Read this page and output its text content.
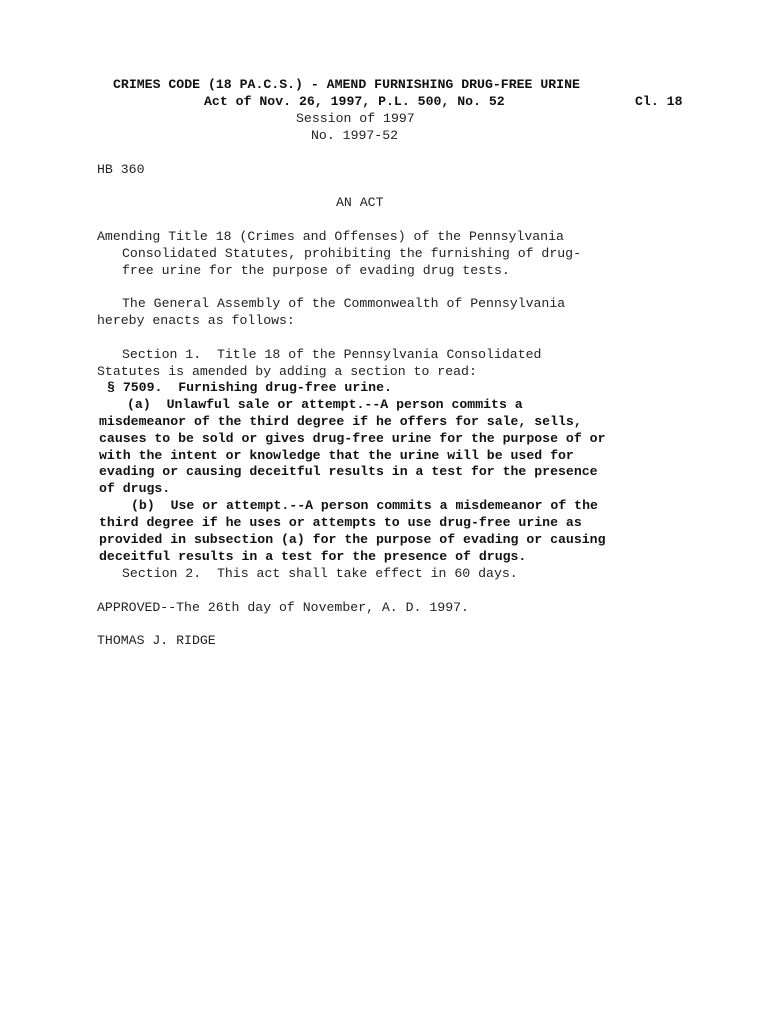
CRIMES CODE (18 PA.C.S.) - AMEND FURNISHING DRUG-FREE URINE
Act of Nov. 26, 1997, P.L. 500, No. 52	Cl. 18
Session of 1997
No. 1997-52
HB 360
AN ACT
Amending Title 18 (Crimes and Offenses) of the Pennsylvania
Consolidated Statutes, prohibiting the furnishing of drug-
free urine for the purpose of evading drug tests.
The General Assembly of the Commonwealth of Pennsylvania
hereby enacts as follows:
Section 1.  Title 18 of the Pennsylvania Consolidated
Statutes is amended by adding a section to read:
§ 7509.  Furnishing drug-free urine.
(a)  Unlawful sale or attempt.--A person commits a
misdemeanor of the third degree if he offers for sale, sells,
causes to be sold or gives drug-free urine for the purpose of or
with the intent or knowledge that the urine will be used for
evading or causing deceitful results in a test for the presence
of drugs.
(b)  Use or attempt.--A person commits a misdemeanor of the
third degree if he uses or attempts to use drug-free urine as
provided in subsection (a) for the purpose of evading or causing
deceitful results in a test for the presence of drugs.
Section 2.  This act shall take effect in 60 days.
APPROVED--The 26th day of November, A. D. 1997.
THOMAS J. RIDGE
